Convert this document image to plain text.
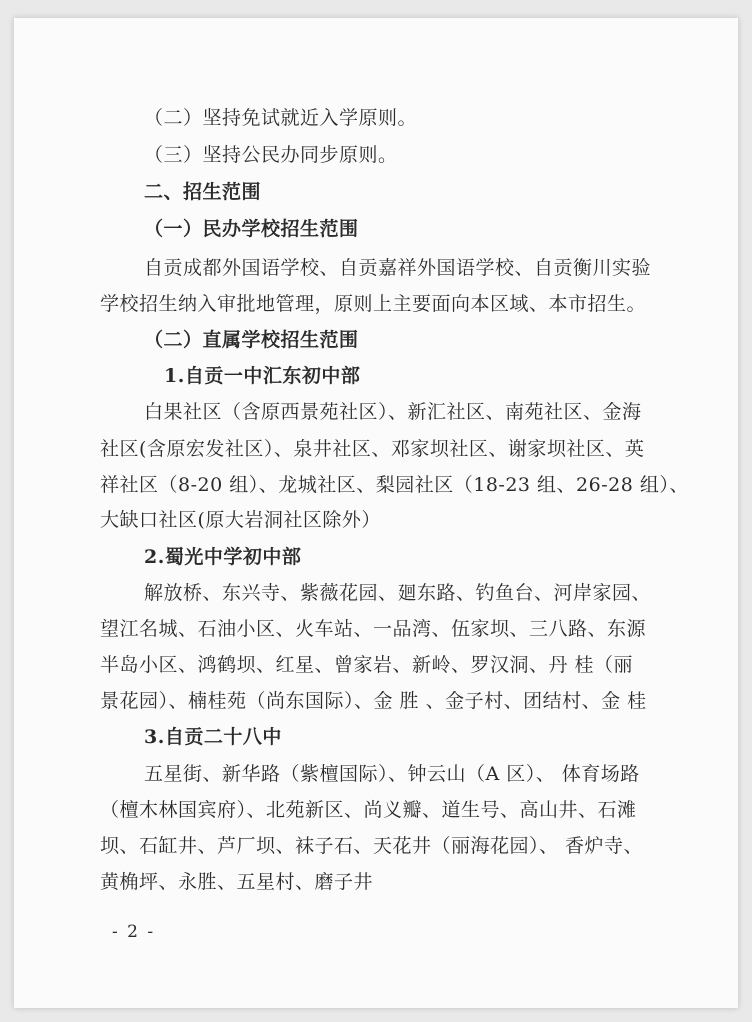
（二）坚持免试就近入学原则。
（三）坚持公民办同步原则。
二、招生范围
（一）民办学校招生范围
自贡成都外国语学校、自贡嘉祥外国语学校、自贡衡川实验
学校招生纳入审批地管理，原则上主要面向本区域、本市招生。
（二）直属学校招生范围
1.自贡一中汇东初中部
白果社区（含原西景苑社区）、新汇社区、南苑社区、金海
社区(含原宏发社区）、泉井社区、邓家坝社区、谢家坝社区、英
祥社区（8-20 组）、龙城社区、梨园社区（18-23 组、26-28 组）、
大缺口社区(原大岩洞社区除外）
2.蜀光中学初中部
解放桥、东兴寺、紫薇花园、廻东路、钓鱼台、河岸家园、
望江名城、石油小区、火车站、一品湾、伍家坝、三八路、东源
半岛小区、鸿鹤坝、红星、曾家岩、新岭、罗汉洞、丹 桂（丽
景花园）、楠桂苑（尚东国际）、金 胜 、金子村、团结村、金 桂
3.自贡二十八中
五星街、新华路（紫檀国际）、钟云山（A 区）、 体育场路
（檀木林国宾府）、北苑新区、尚义瓣、道生号、高山井、石滩
坝、石缸井、芦厂坝、袜子石、天花井（丽海花园）、 香炉寺、
黄桷坪、永胜、五星村、磨子井
- 2 -
